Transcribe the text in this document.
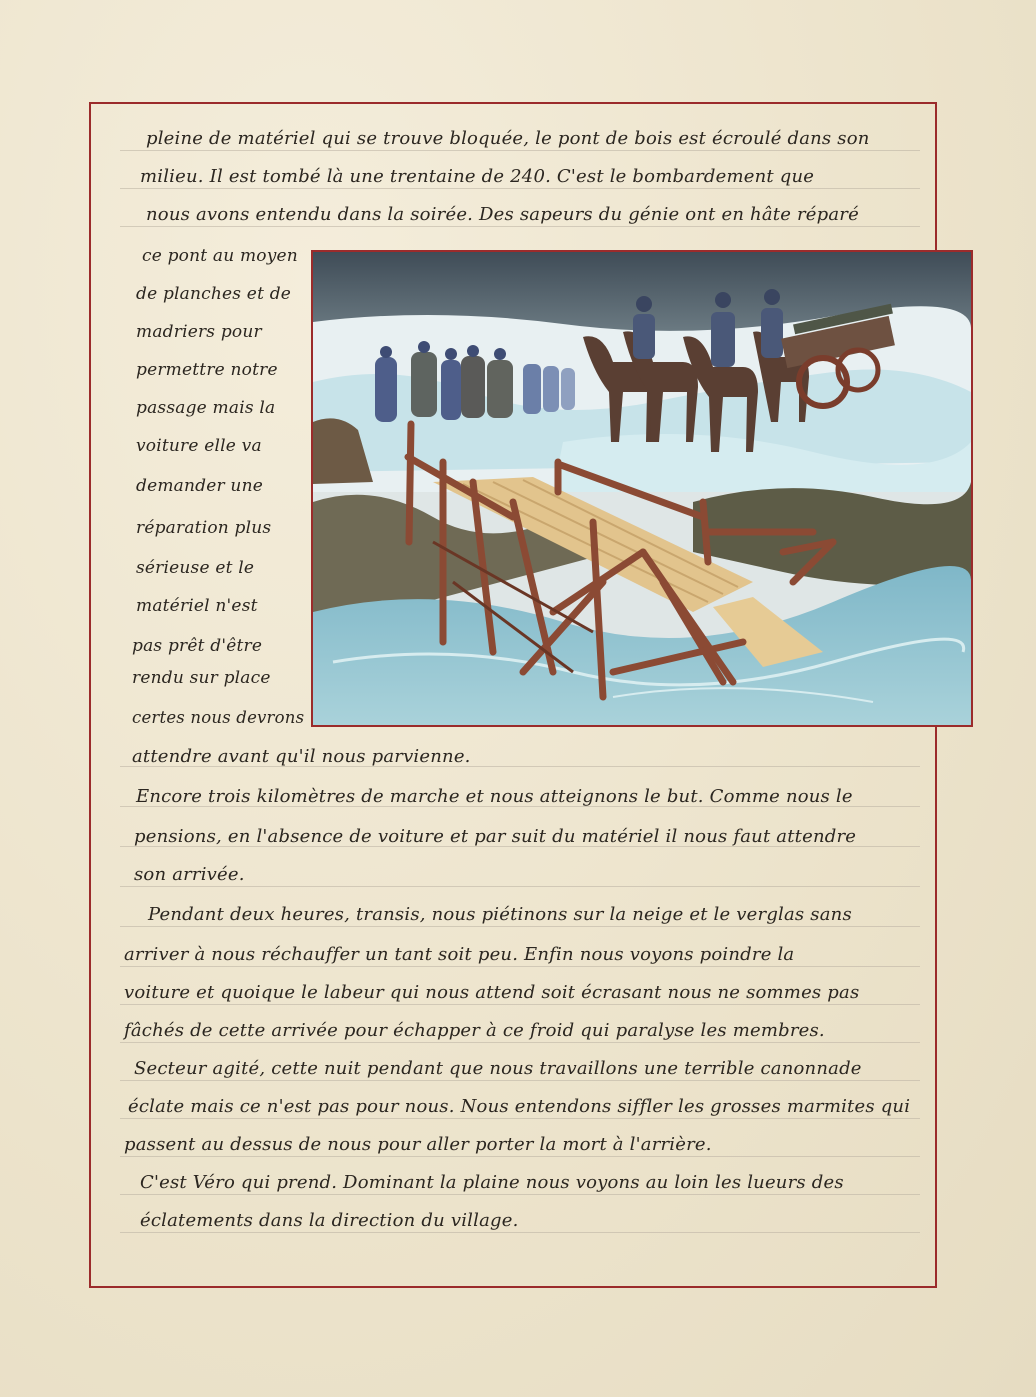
pleine de matériel qui se trouve bloquée, le pont de bois est écroulé dans son
milieu. Il est tombé là une trentaine de 240. C'est le bombardement que
nous avons entendu dans la soirée. Des sapeurs du génie ont en hâte réparé
ce pont au moyen
de planches et de
madriers pour
permettre notre
passage mais la
voiture elle va
demander une
réparation plus
sérieuse et le
matériel n'est
pas prêt d'être
rendu sur place
certes nous devrons
attendre avant qu'il nous parvienne.
Encore trois kilomètres de marche et nous atteignons le but. Comme nous le
pensions, en l'absence de voiture et par suit du matériel il nous faut attendre
son arrivée.
Pendant deux heures, transis, nous piétinons sur la neige et le verglas sans
arriver à nous réchauffer un tant soit peu. Enfin nous voyons poindre la
voiture et quoique le labeur qui nous attend soit écrasant nous ne sommes pas
fâchés de cette arrivée pour échapper à ce froid qui paralyse les membres.
Secteur agité, cette nuit pendant que nous travaillons une terrible canonnade
éclate mais ce n'est pas pour nous. Nous entendons siffler les grosses marmites qui
passent au dessus de nous pour aller porter la mort à l'arrière.
C'est Véro qui prend. Dominant la plaine nous voyons au loin les lueurs des
éclatements dans la direction du village.
